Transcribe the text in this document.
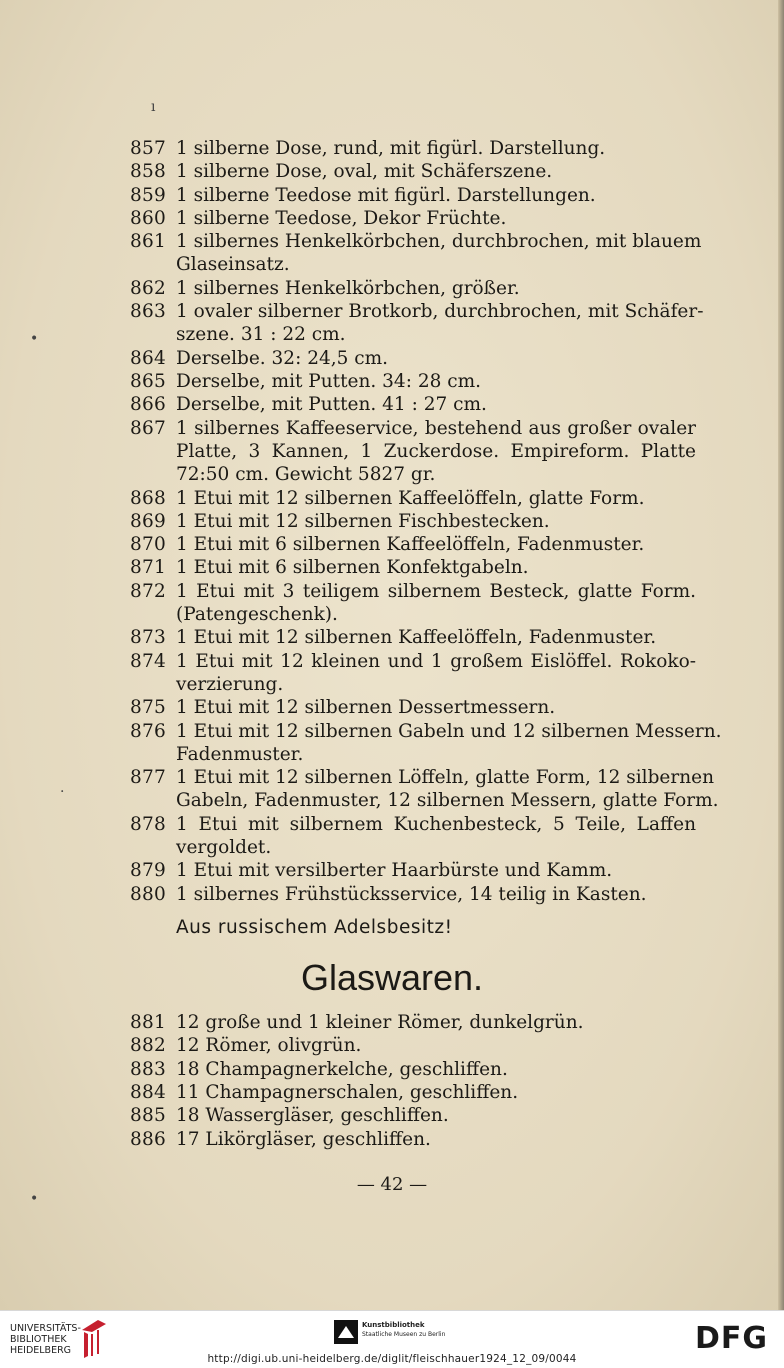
ı
•
·
•
857 1 silberne Dose, rund, mit figürl. Darstellung.
858 1 silberne Dose, oval, mit Schäferszene.
859 1 silberne Teedose mit figürl. Darstellungen.
860 1 silberne Teedose, Dekor Früchte.
861 1 silbernes Henkelkörbchen, durchbrochen, mit blauem
Glaseinsatz.
862 1 silbernes Henkelkörbchen, größer.
863 1 ovaler silberner Brotkorb, durchbrochen, mit Schäfer-
szene. 31 : 22 cm.
864 Derselbe. 32: 24,5 cm.
865 Derselbe, mit Putten. 34: 28 cm.
866 Derselbe, mit Putten. 41 : 27 cm.
867 1 silbernes Kaffeeservice, bestehend aus großer ovaler
Platte, 3 Kannen, 1 Zuckerdose. Empireform. Platte
72:50 cm. Gewicht 5827 gr.
868 1 Etui mit 12 silbernen Kaffeelöffeln, glatte Form.
869 1 Etui mit 12 silbernen Fischbestecken.
870 1 Etui mit 6 silbernen Kaffeelöffeln, Fadenmuster.
871 1 Etui mit 6 silbernen Konfektgabeln.
872 1 Etui mit 3 teiligem silbernem Besteck, glatte Form.
(Patengeschenk).
873 1 Etui mit 12 silbernen Kaffeelöffeln, Fadenmuster.
874 1 Etui mit 12 kleinen und 1 großem Eislöffel. Rokoko-
verzierung.
875 1 Etui mit 12 silbernen Dessertmessern.
876 1 Etui mit 12 silbernen Gabeln und 12 silbernen Messern.
Fadenmuster.
877 1 Etui mit 12 silbernen Löffeln, glatte Form, 12 silbernen
Gabeln, Fadenmuster, 12 silbernen Messern, glatte Form.
878 1 Etui mit silbernem Kuchenbesteck, 5 Teile, Laffen
vergoldet.
879 1 Etui mit versilberter Haarbürste und Kamm.
880 1 silbernes Frühstücksservice, 14 teilig in Kasten.
Aus russischem Adelsbesitz!
Glaswaren.
881 12 große und 1 kleiner Römer, dunkelgrün.
882 12 Römer, olivgrün.
883 18 Champagnerkelche, geschliffen.
884 11 Champagnerschalen, geschliffen.
885 18 Wassergläser, geschliffen.
886 17 Likörgläser, geschliffen.
— 42 —
UNIVERSITÄTS-
BIBLIOTHEK
HEIDELBERG
Kunstbibliothek
Staatliche Museen zu Berlin	DFG
http://digi.ub.uni-heidelberg.de/diglit/fleischhauer1924_12_09/0044
